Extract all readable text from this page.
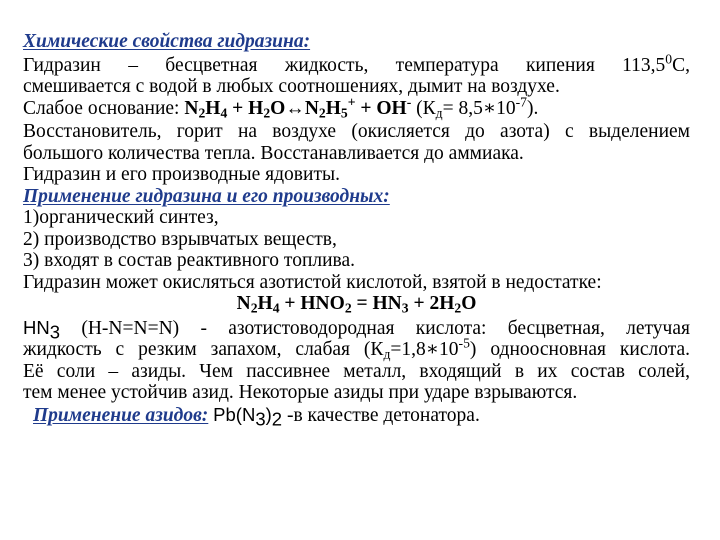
Химические свойства гидразина:

Гидразин – бесцветная жидкость, температура кипения 113,5$^0$С,

смешивается с водой в любых соотношениях, дымит на воздухе.

Слабое основание: $N_2H_4$ + $H_2O\leftrightarrow N_2H_5^+ + OH^-$ ($К_д=$ $8,5∗10^{-7}$).

Восстановитель, горит на воздухе (окисляется до азота) с выделением

большого количества тепла. Восстанавливается до аммиака.

Гидразин и его производные ядовиты.

Применение гидразина и его производных:

1)органический синтез,

2) производство взрывчатых веществ,

3) входят в состав реактивного топлива.

Гидразин может окисляться азотистой кислотой, взятой в недостатке:

$N_2H_4 + HNO_2 = HN_3 + 2H_2O$

$HN_3$ (H-N=N=N) - азотистоводородная кислота: бесцветная, летучая

жидкость с резким запахом, слабая $(К_д=1,8∗10^{-5})$ одноосновная кислота.

Её соли – азиды. Чем пассивнее металл, входящий в их состав солей,

тем менее устойчив азид. Некоторые азиды при ударе взрываются.

Применение азидов: $Pb(N_3)_2$ -в качестве детонатора.
